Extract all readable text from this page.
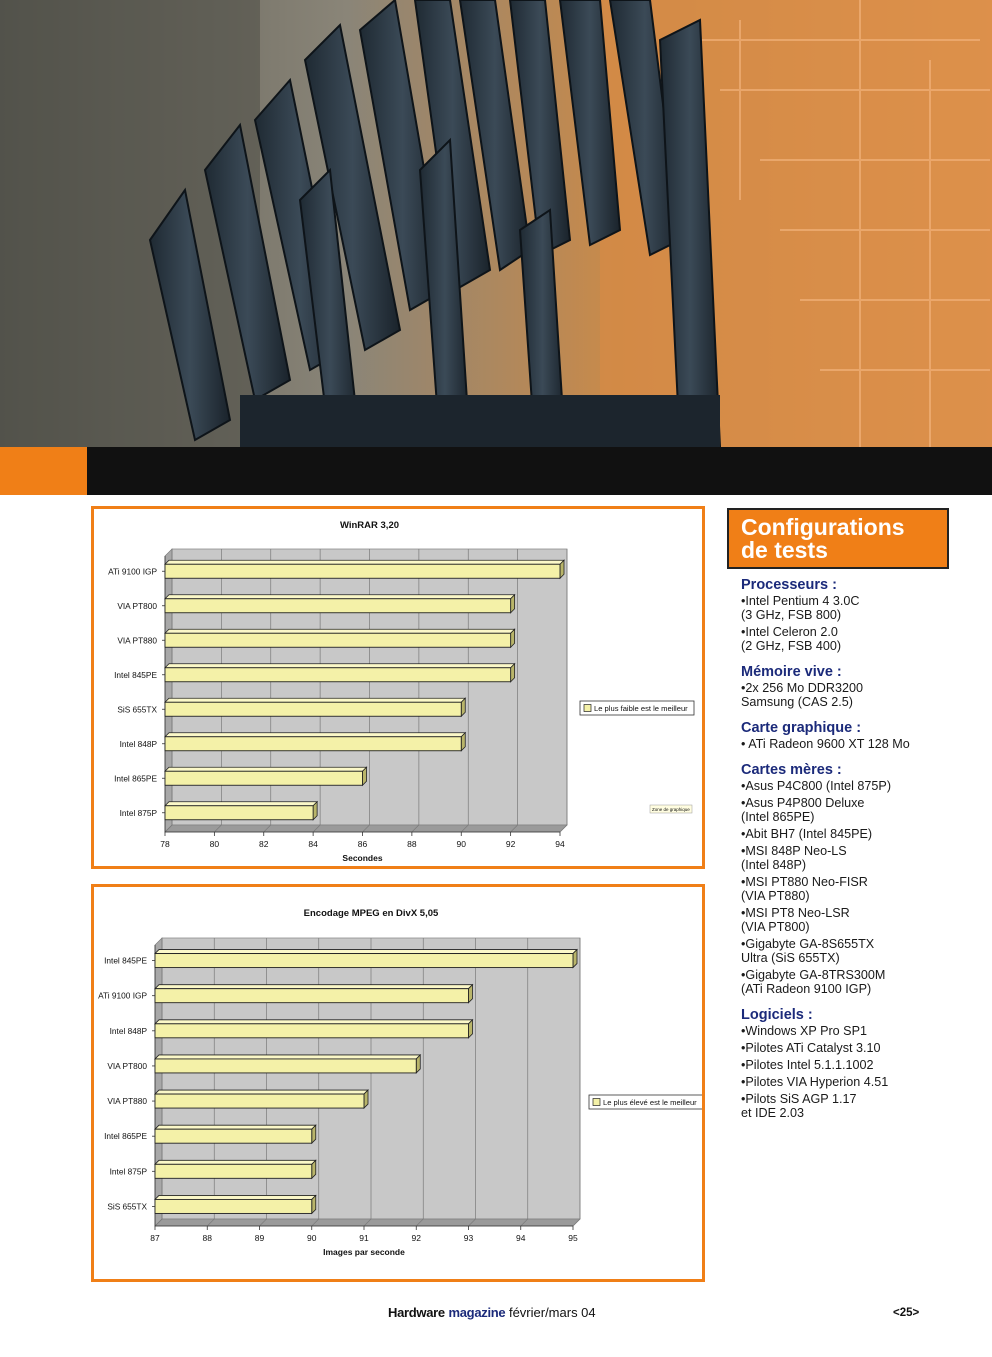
78	80	82	84	86	88	90	92	94
ATi 9100 IGP
VIA PT800
VIA PT880
Intel 845PE
SiS 655TX
Intel 848P
Intel 865PE
Intel 875P
WinRAR 3,20
Secondes
Le plus faible est le meilleur
Zone de graphique
87	88	89	90	91	92	93	94	95
Intel 845PE
ATi 9100 IGP
Intel 848P
VIA PT800
VIA PT880
Intel 865PE
Intel 875P
SiS 655TX
Encodage MPEG en DivX 5,05
Images par seconde
Le plus élevé est le meilleur
Configurations
de tests
Processeurs :
•Intel Pentium 4 3.0C
(3 GHz, FSB 800)
•Intel Celeron 2.0
(2 GHz, FSB 400)
Mémoire vive :
•2x 256 Mo DDR3200
Samsung (CAS 2.5)
Carte graphique :
• ATi Radeon 9600 XT 128 Mo
Cartes mères :
•Asus P4C800 (Intel 875P)
•Asus P4P800 Deluxe
(Intel 865PE)
•Abit BH7 (Intel 845PE)
•MSI 848P Neo-LS
(Intel 848P)
•MSI PT880 Neo-FISR
(VIA PT880)
•MSI PT8 Neo-LSR
(VIA PT800)
•Gigabyte GA-8S655TX
Ultra (SiS 655TX)
•Gigabyte GA-8TRS300M
(ATi Radeon 9100 IGP)
Logiciels :
•Windows XP Pro SP1
•Pilotes ATi Catalyst 3.10
•Pilotes Intel 5.1.1.1002
•Pilotes VIA Hyperion 4.51
•Pilots SiS AGP 1.17
et IDE 2.03
Hardware magazine février/mars 04	<25>
